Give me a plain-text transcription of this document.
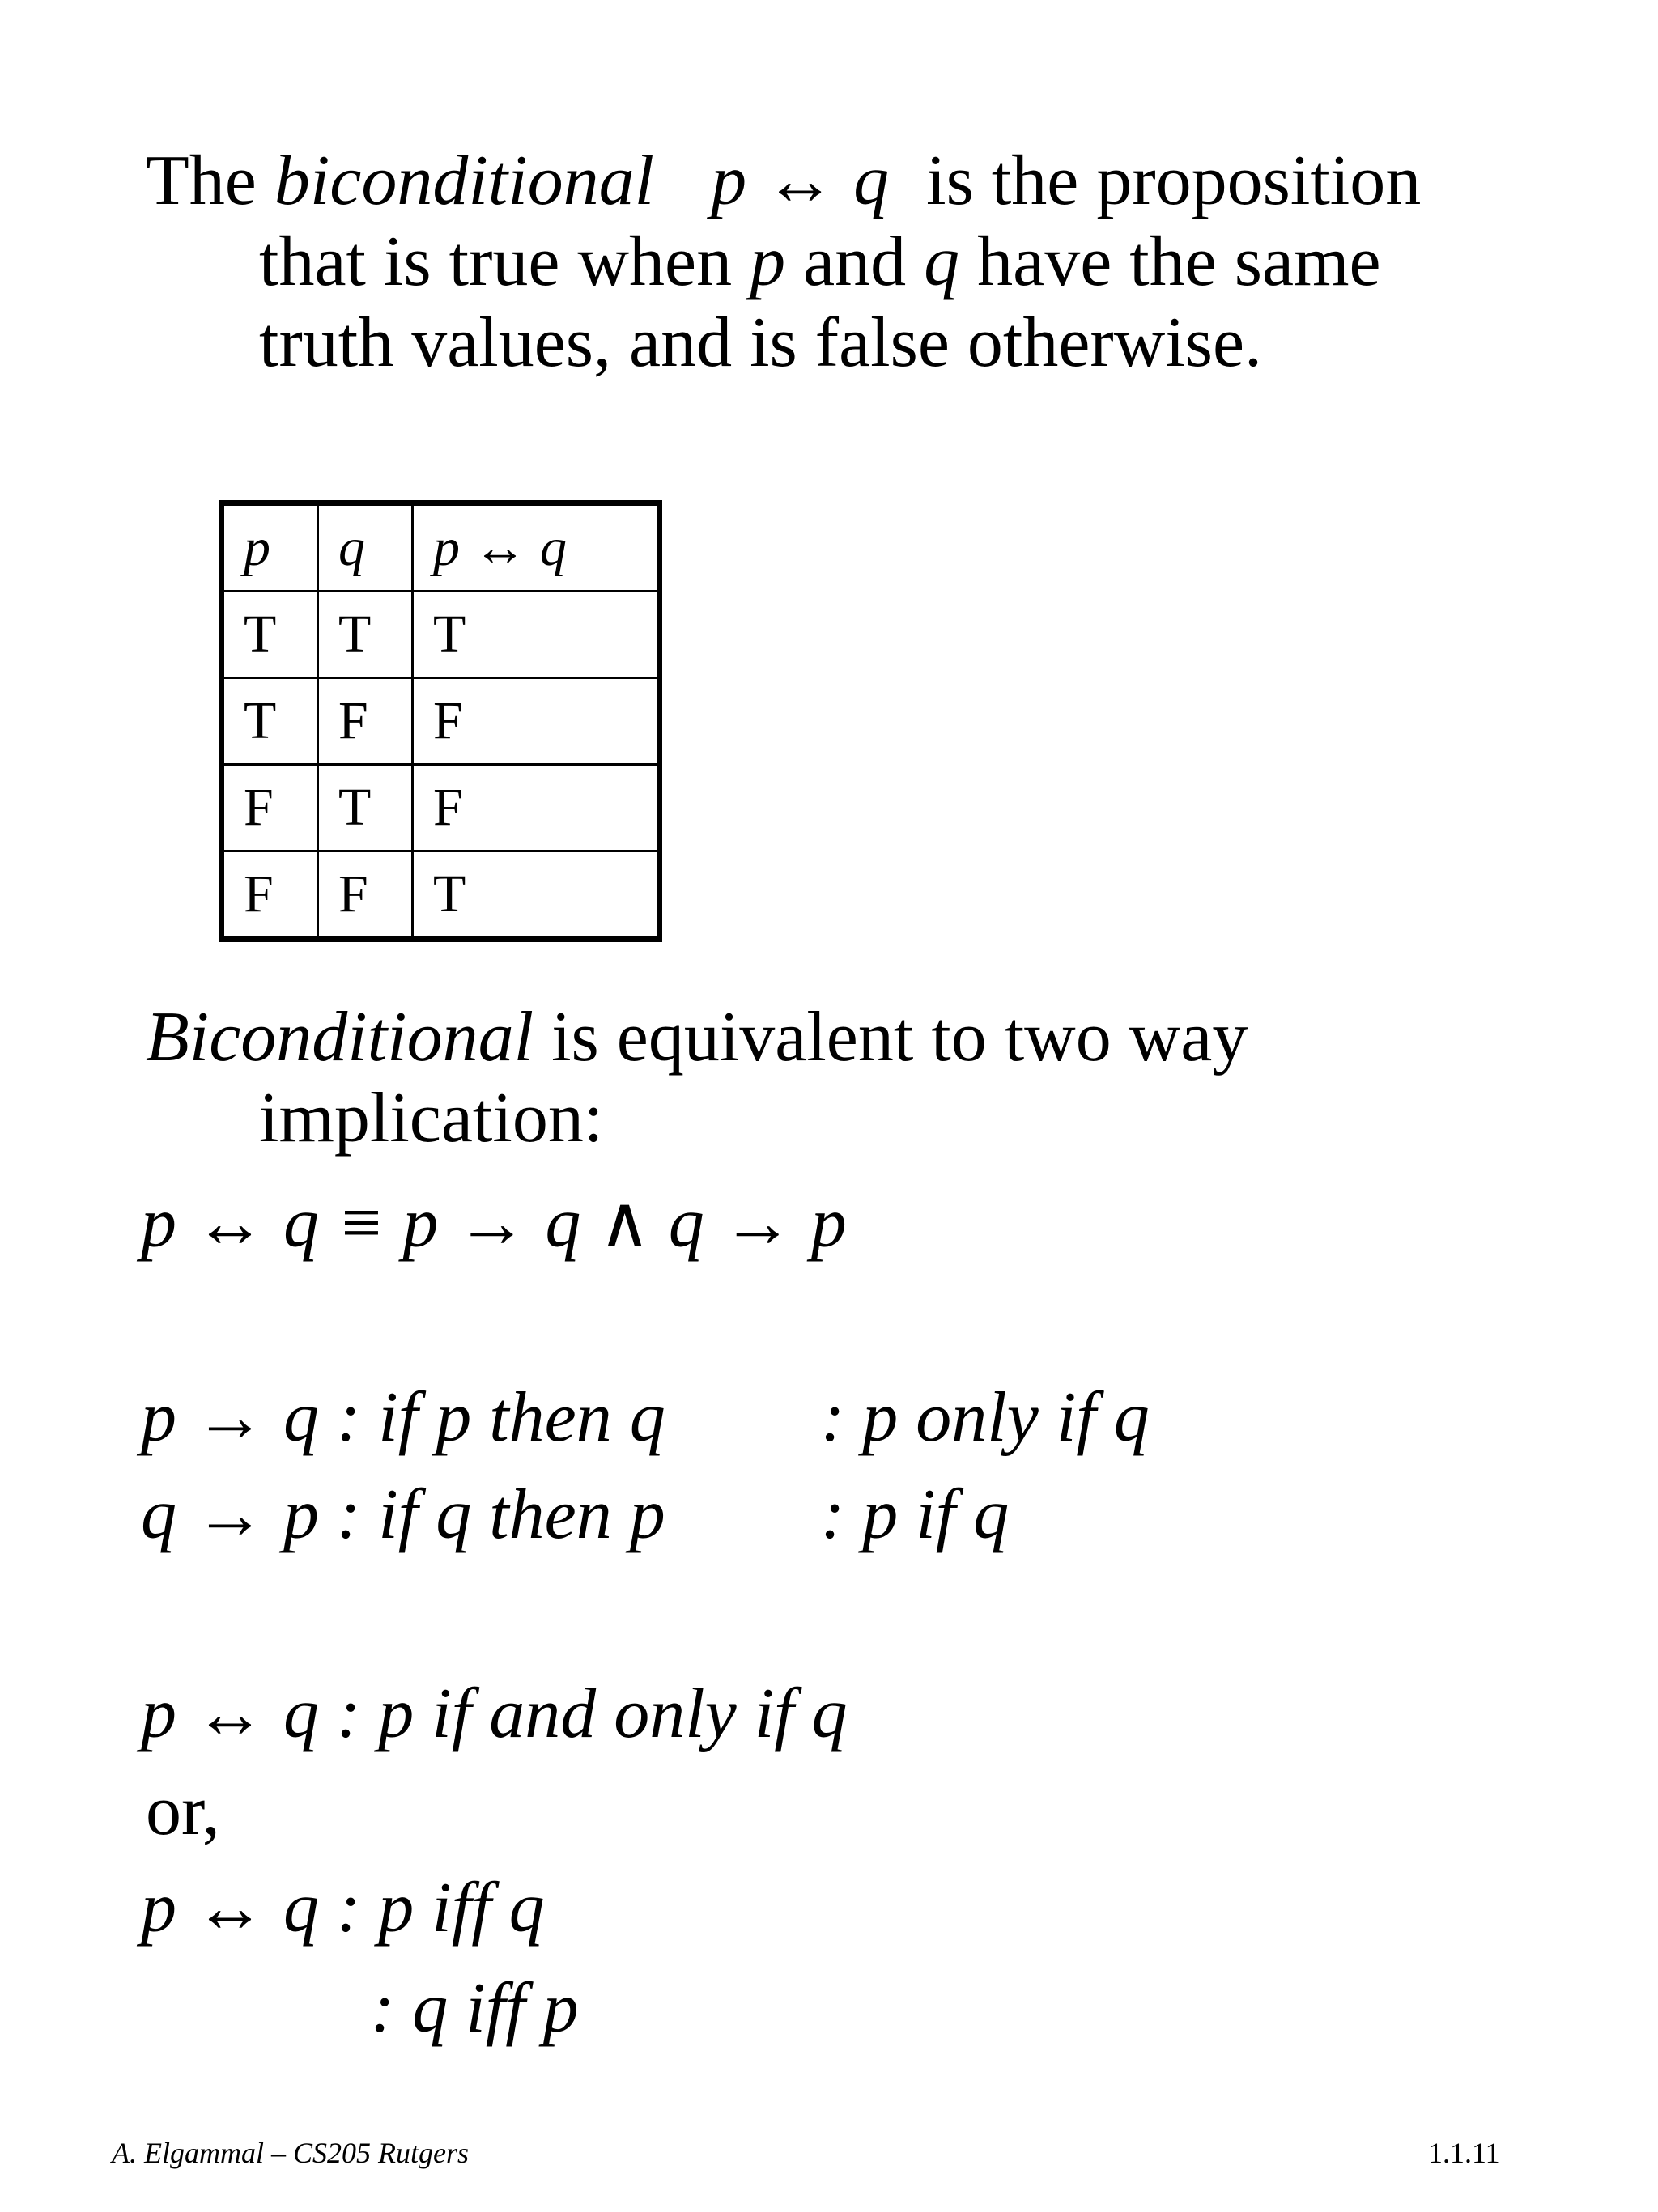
The biconditional p ↔ q is the proposition
that is true when p and q have the same
truth values, and is false otherwise.
p	q	p ↔ q
T	T	T
T	F	F
F	T	F
F	F	T
Biconditional is equivalent to two way
implication:
p ↔ q ≡ p → q ∧ q → p
p → q : if p then q : p only if q
q → p : if q then p : p if q
p ↔ q : p if and only if q
or,
p ↔ q : p iff q
: q iff p
A. Elgammal – CS205 Rutgers	1.1.11
